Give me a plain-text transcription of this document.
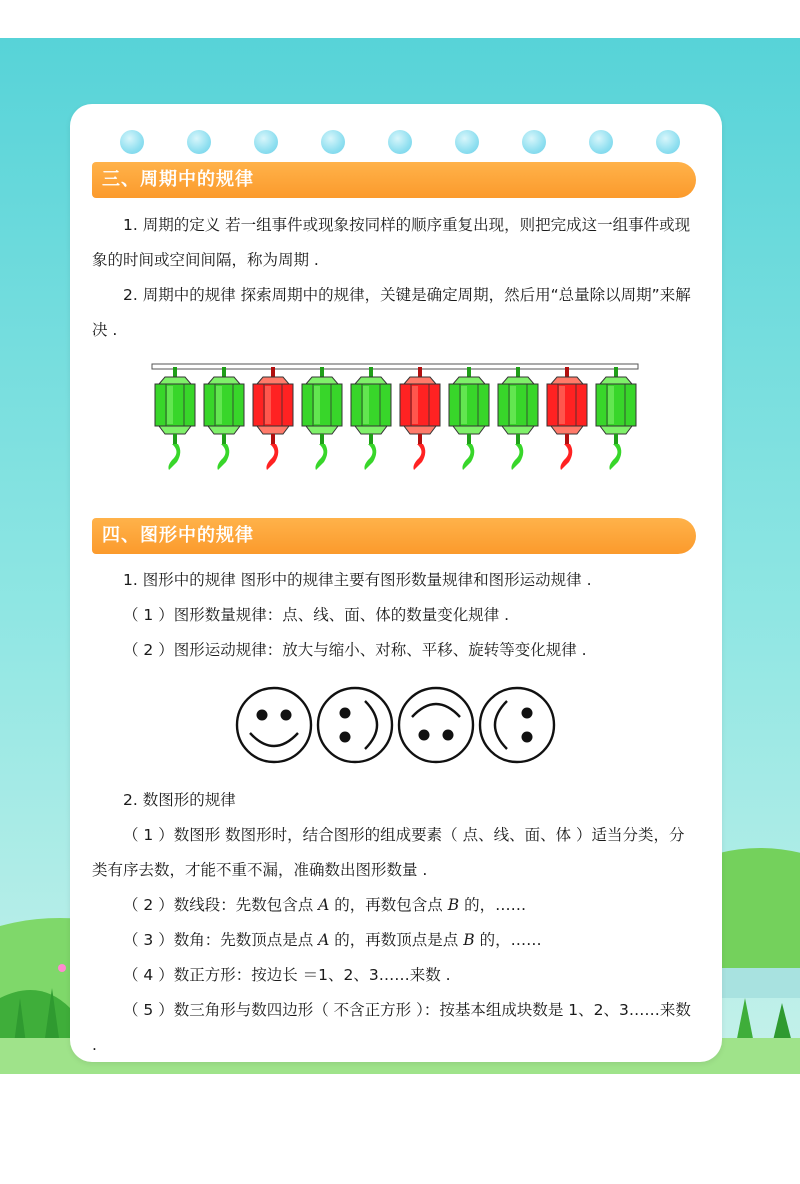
三、周期中的规律

1. 周期的定义 若一组事件或现象按同样的顺序重复出现，则把完成这一组事件或现象的时间或空间间隔，称为周期 .

2. 周期中的规律 探索周期中的规律，关键是确定周期，然后用“总量除以周期”来解决 .

四、图形中的规律

1. 图形中的规律 图形中的规律主要有图形数量规律和图形运动规律 .

（ 1 ）图形数量规律：点、线、面、体的数量变化规律 .

（ 2 ）图形运动规律：放大与缩小、对称、平移、旋转等变化规律 .

2. 数图形的规律

（ 1 ）数图形 数图形时，结合图形的组成要素（ 点、线、面、体 ）适当分类，分类有序去数，才能不重不漏，准确数出图形数量 .

（ 2 ）数线段：先数包含点 A 的，再数包含点 B 的，……

（ 3 ）数角：先数顶点是点 A 的，再数顶点是点 B 的，……

（ 4 ）数正方形：按边长 ＝1、2、3……来数 .

（ 5 ）数三角形与数四边形（ 不含正方形 ）：按基本组成块数是 1、2、3……来数 .
